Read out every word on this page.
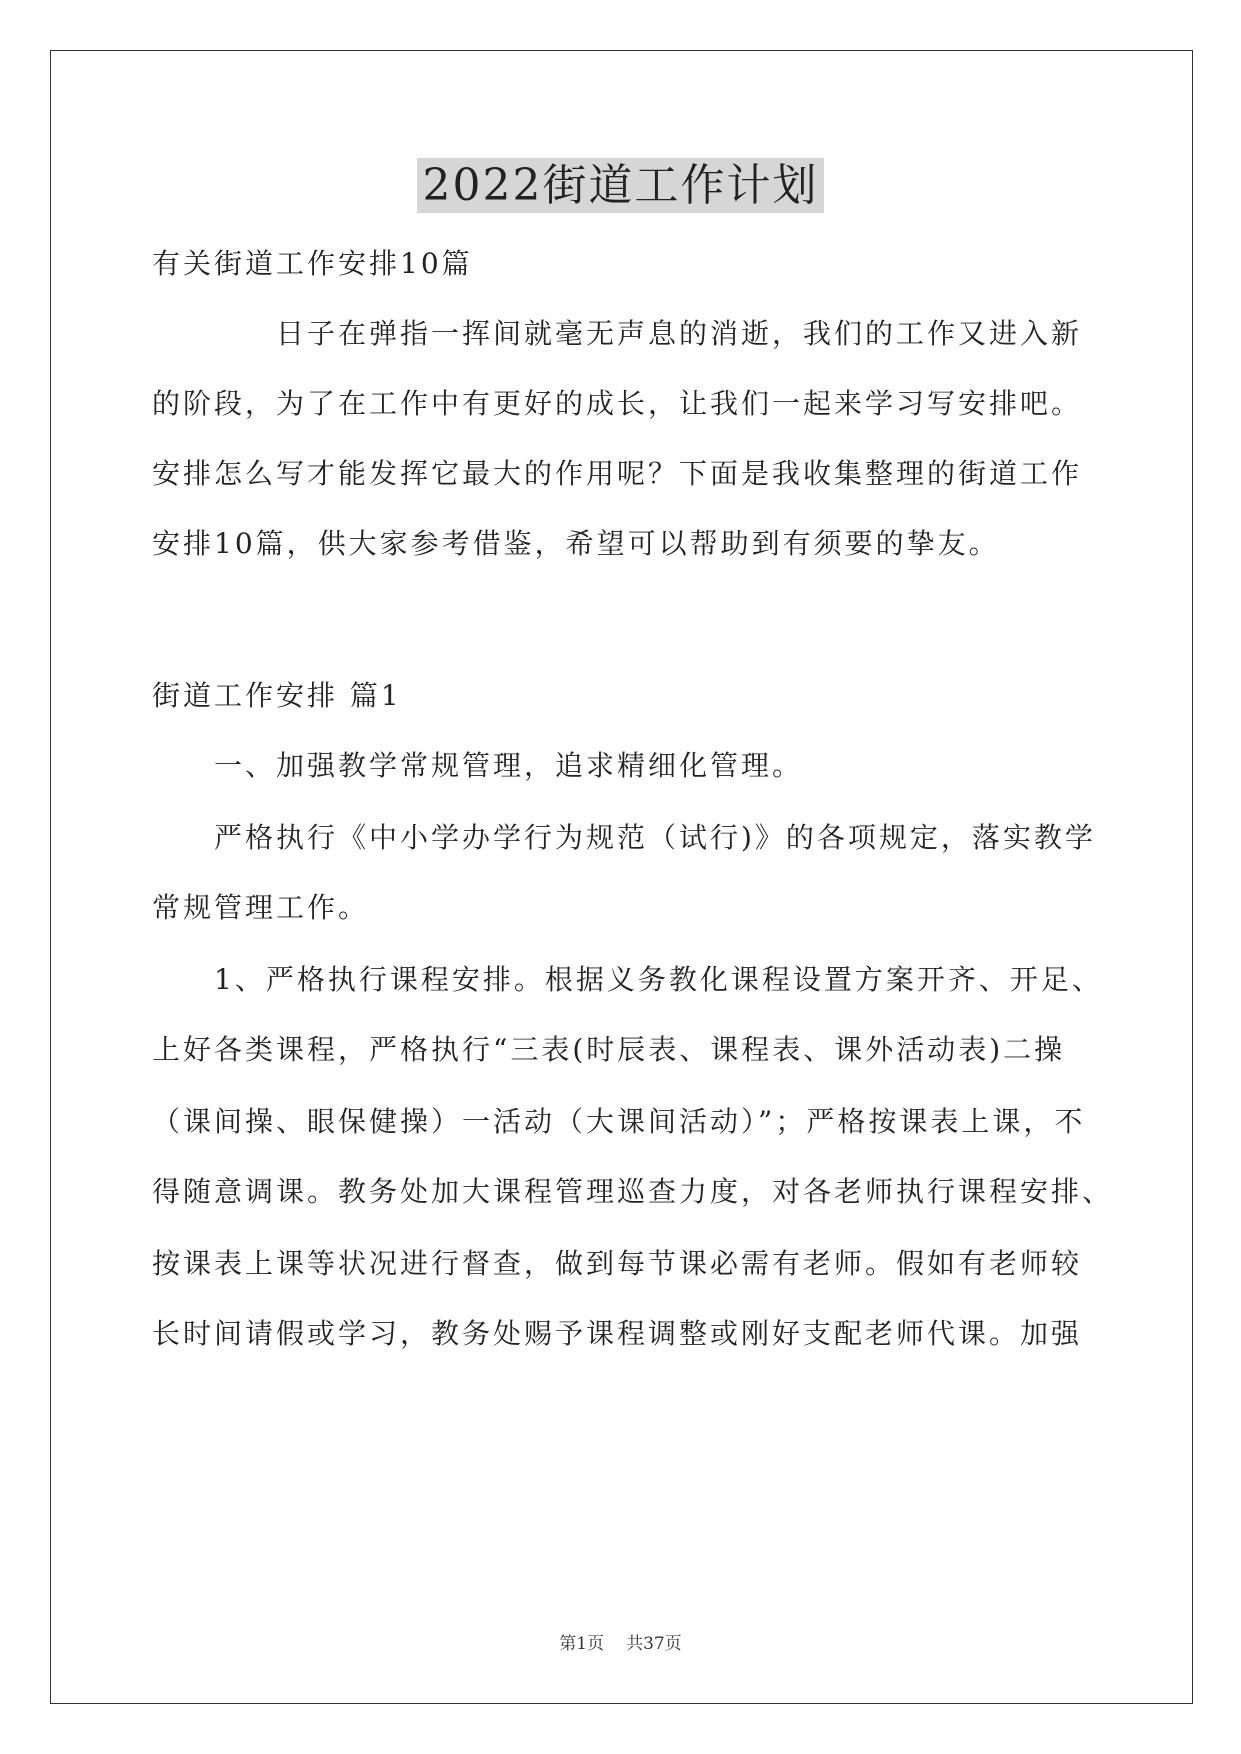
2022街道工作计划

有关街道工作安排10篇

　　　　日子在弹指一挥间就毫无声息的消逝，我们的工作又进入新

的阶段，为了在工作中有更好的成长，让我们一起来学习写安排吧。

安排怎么写才能发挥它最大的作用呢？下面是我收集整理的街道工作

安排10篇，供大家参考借鉴，希望可以帮助到有须要的挚友。

街道工作安排 篇1

　　一、加强教学常规管理，追求精细化管理。

　　严格执行《中小学办学行为规范（试行)》的各项规定，落实教学

常规管理工作。

　　1、严格执行课程安排。根据义务教化课程设置方案开齐、开足、

上好各类课程，严格执行“三表(时辰表、课程表、课外活动表)二操

（课间操、眼保健操）一活动（大课间活动）”；严格按课表上课，不

得随意调课。教务处加大课程管理巡查力度，对各老师执行课程安排、

按课表上课等状况进行督查，做到每节课必需有老师。假如有老师较

长时间请假或学习，教务处赐予课程调整或刚好支配老师代课。加强

第1页 共37页
